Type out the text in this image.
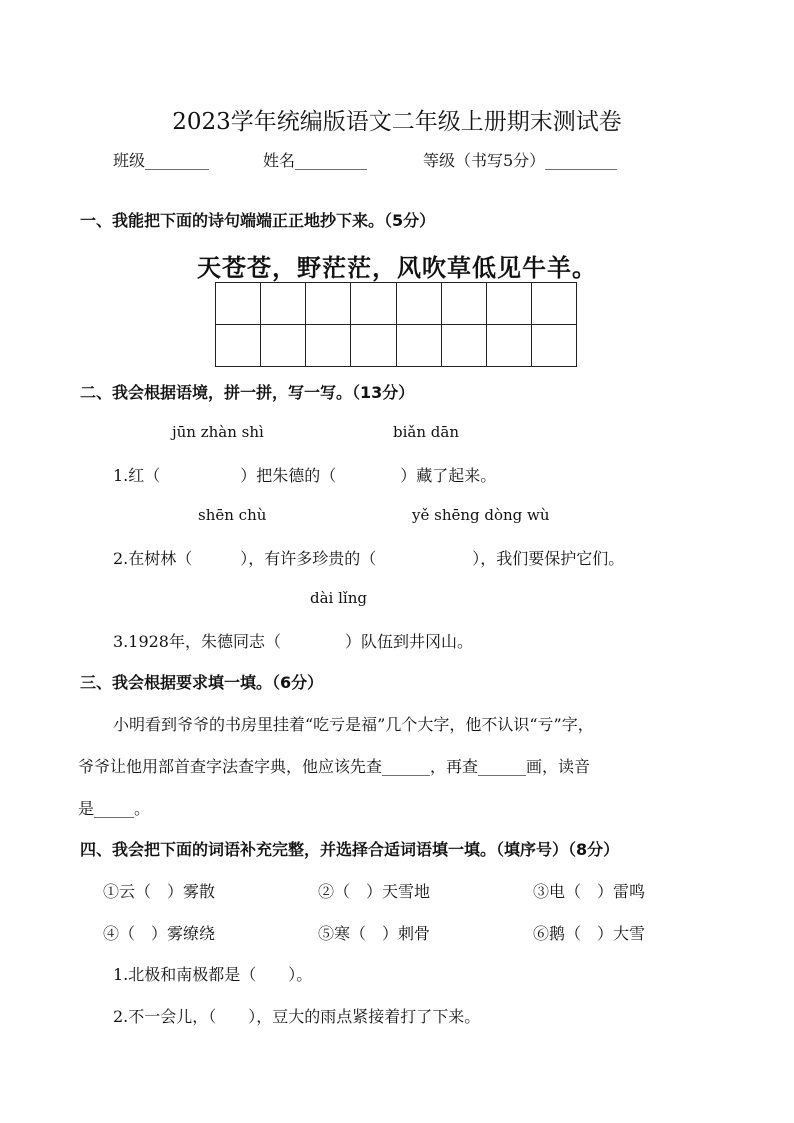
2023学年统编版语文二年级上册期末测试卷
班级________	姓名_________	等级（书写5分）_________
一、我能把下面的诗句端端正正地抄下来。（5分）
天苍苍，野茫茫，风吹草低见牛羊。

二、我会根据语境，拼一拼，写一写。（13分）
jūn zhàn shì	biǎn dān
1.红（　　　　　）把朱德的（　　　　）藏了起来。
shēn chù	yě shēng dòng wù
2.在树林（　　　），有许多珍贵的（　　　　　　），我们要保护它们。
dài lǐng
3.1928年，朱德同志（　　　　）队伍到井冈山。
三、我会根据要求填一填。（6分）
小明看到爷爷的书房里挂着“吃亏是福”几个大字，他不认识“亏”字，
爷爷让他用部首查字法查字典，他应该先查______，再查______画，读音
是_____。
四、我会把下面的词语补充完整，并选择合适词语填一填。（填序号）（8分）
①云（　）雾散	②（　）天雪地	③电（　）雷鸣
④（　）雾缭绕	⑤寒（　）刺骨	⑥鹅（　）大雪
1.北极和南极都是（　　）。
2.不一会儿，（　　），豆大的雨点紧接着打了下来。
